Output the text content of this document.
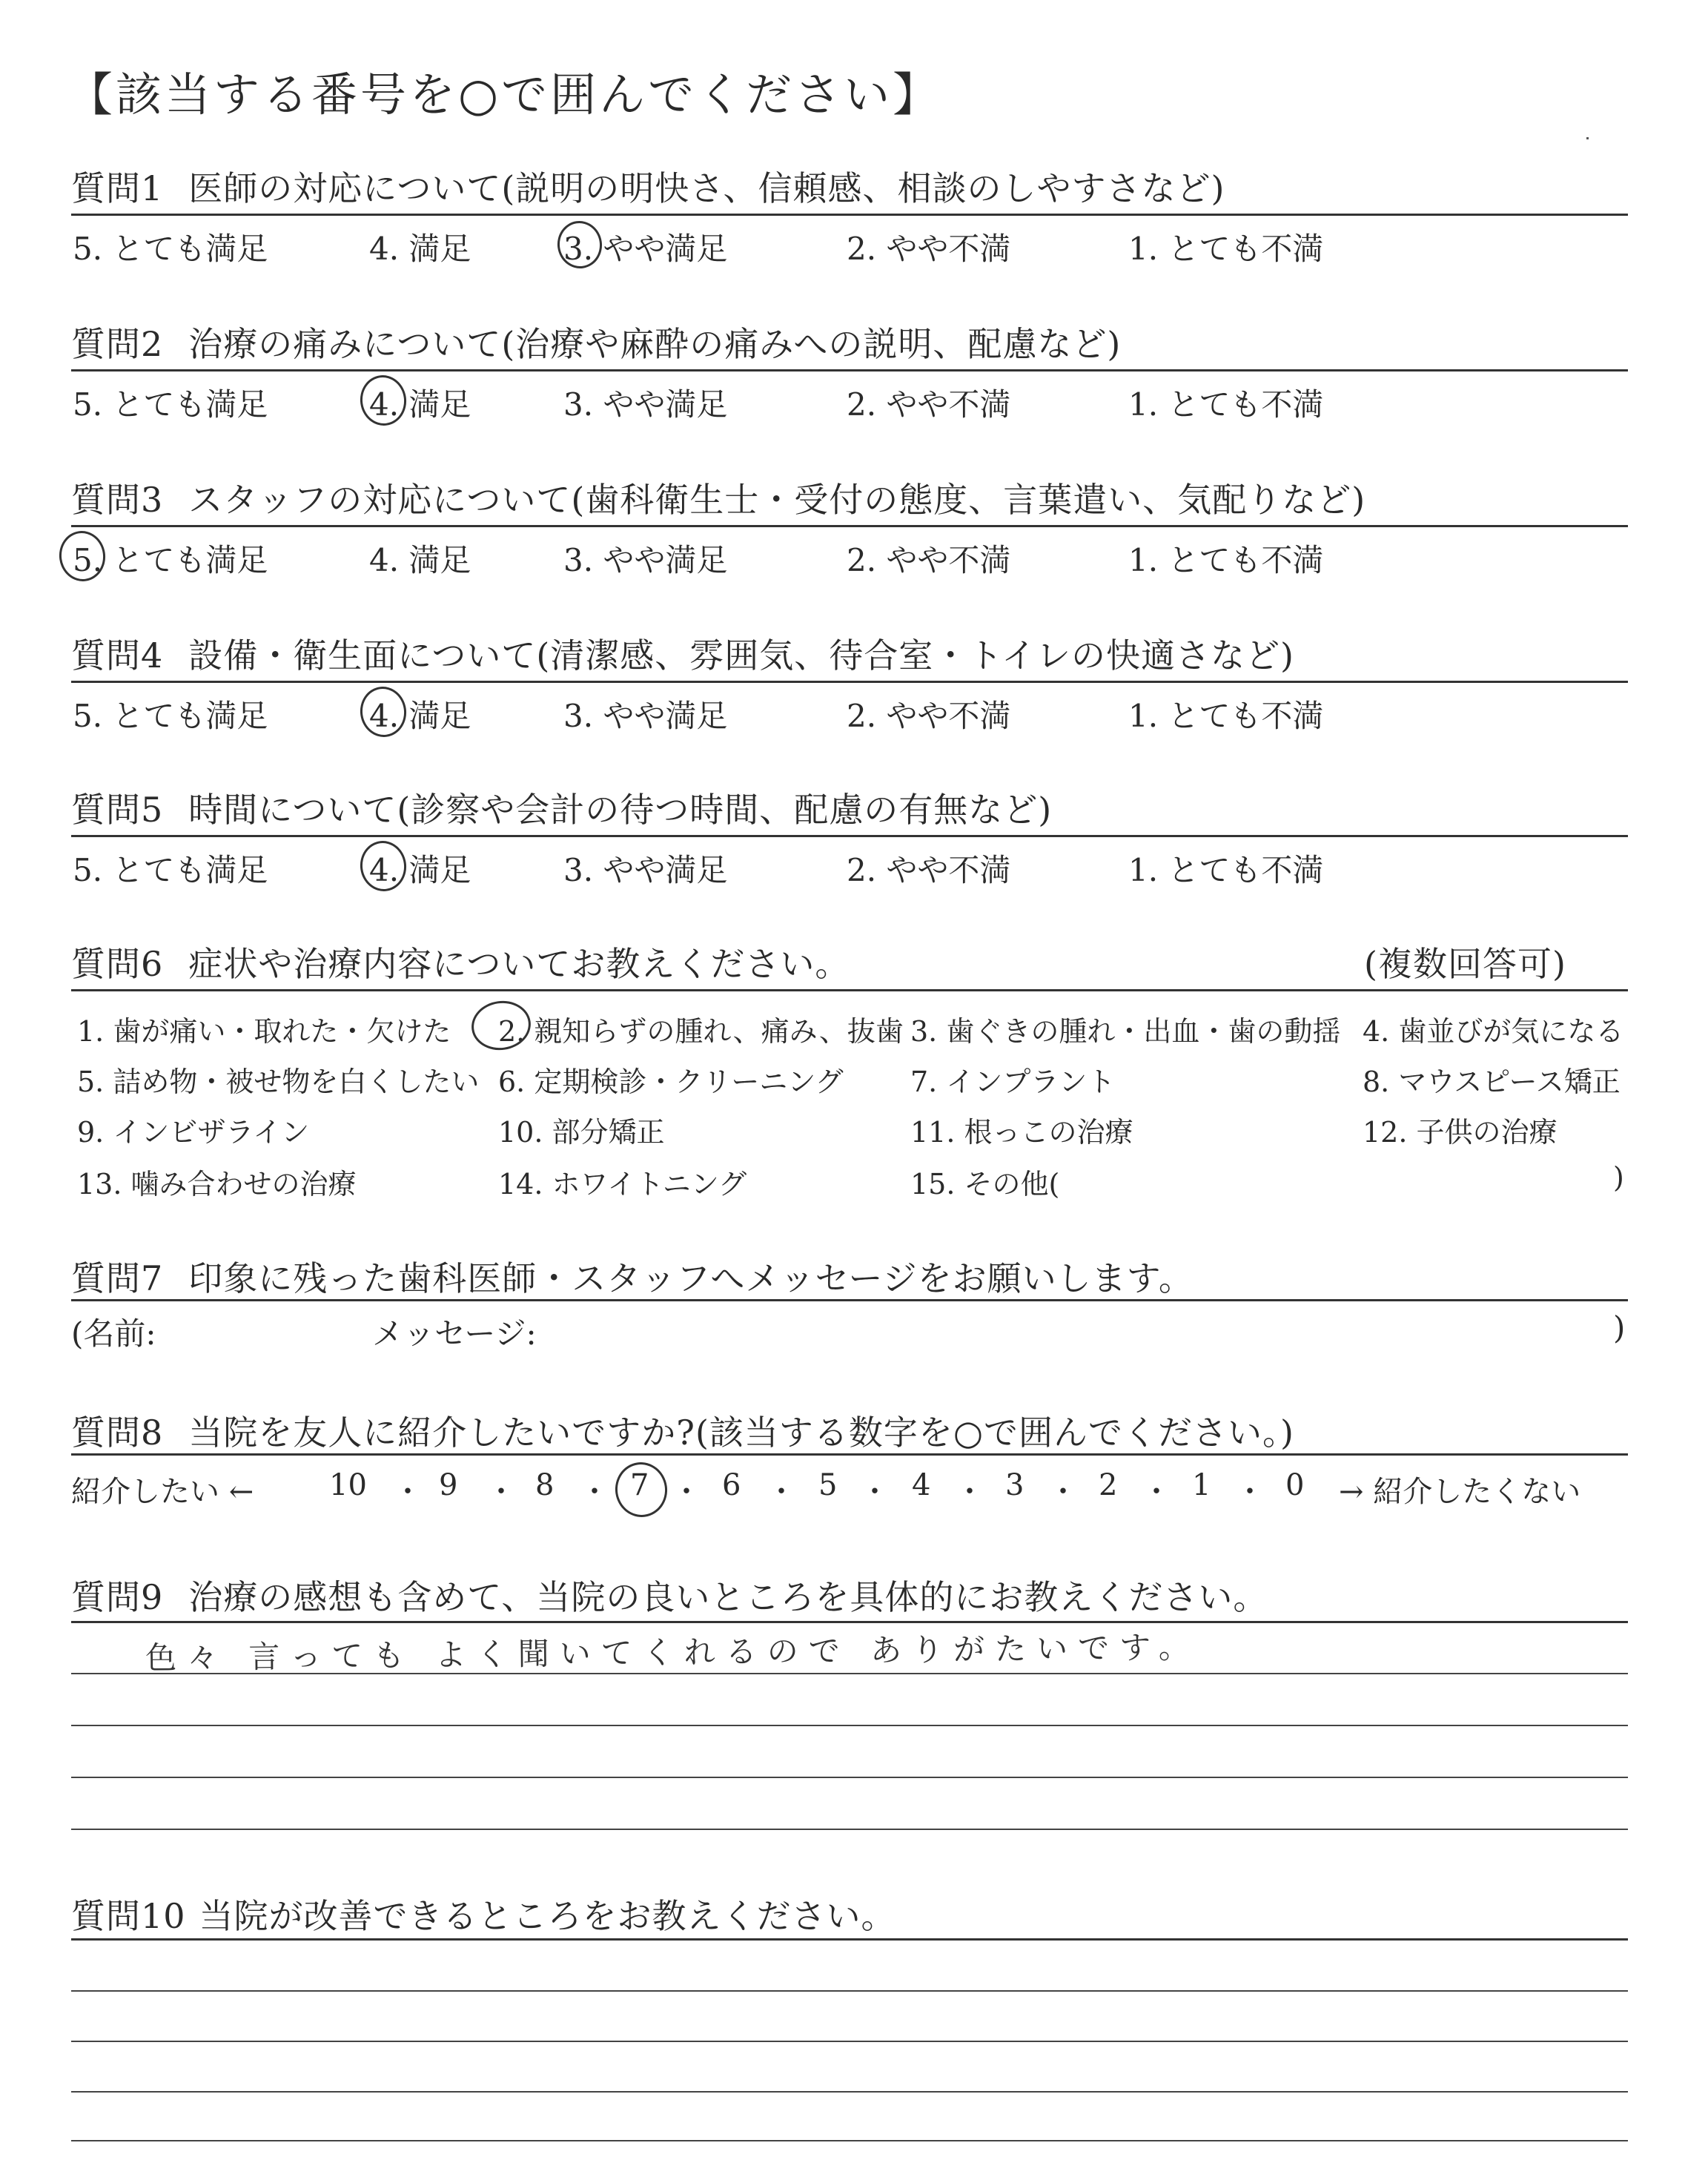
【該当する番号を○で囲んでください】
質問1 医師の対応について(説明の明快さ、信頼感、相談のしやすさなど)
5. とても満足	4. 満足	3. やや満足	2. やや不満	1. とても不満
質問2 治療の痛みについて(治療や麻酔の痛みへの説明、配慮など)
5. とても満足	4. 満足	3. やや満足	2. やや不満	1. とても不満
質問3 スタッフの対応について(歯科衛生士・受付の態度、言葉遣い、気配りなど)
5. とても満足	4. 満足	3. やや満足	2. やや不満	1. とても不満
質問4 設備・衛生面について(清潔感、雰囲気、待合室・トイレの快適さなど)
5. とても満足	4. 満足	3. やや満足	2. やや不満	1. とても不満
質問5 時間について(診察や会計の待つ時間、配慮の有無など)
5. とても満足	4. 満足	3. やや満足	2. やや不満	1. とても不満
質問6 症状や治療内容についてお教えください。	(複数回答可)
1. 歯が痛い・取れた・欠けた 2. 親知らずの腫れ、痛み、抜歯 3. 歯ぐきの腫れ・出血・歯の動揺 4. 歯並びが気になる
5. 詰め物・被せ物を白くしたい 6. 定期検診・クリーニング 7. インプラント	8. マウスピース矯正
9. インビザライン	10. 部分矯正	11. 根っこの治療	12. 子供の治療
13. 噛み合わせの治療	14. ホワイトニング	15. その他(	)
質問7 印象に残った歯科医師・スタッフへメッセージをお願いします。
(名前:	メッセージ:	)
質問8 当院を友人に紹介したいですか?(該当する数字を○で囲んでください。)
紹介したい ←	10 ・ 9 ・ 8 ・ 7 ・ 6 ・ 5 ・ 4 ・ 3 ・ 2 ・ 1 ・ 0 → 紹介したくない
質問9 治療の感想も含めて、当院の良いところを具体的にお教えください。
色々 言っても よく聞いてくれるので ありがたいです。
質問10 当院が改善できるところをお教えください。
